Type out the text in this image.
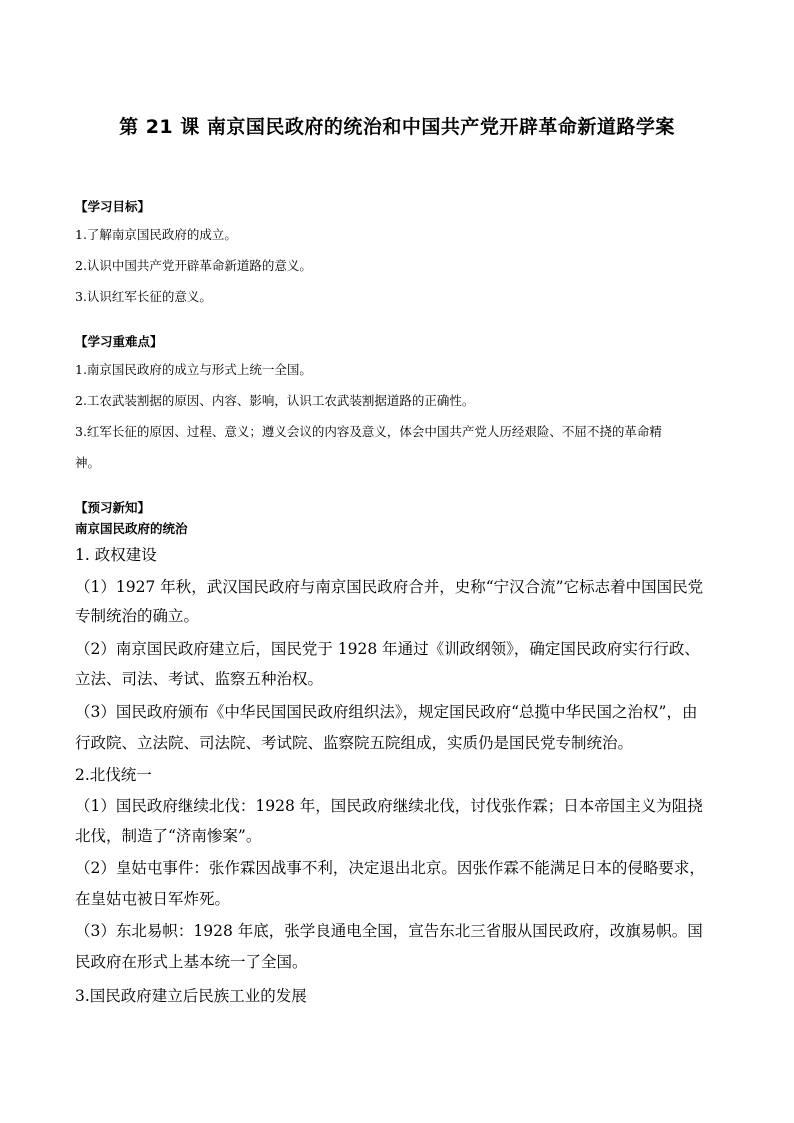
第 21 课 南京国民政府的统治和中国共产党开辟革命新道路学案
【学习目标】
1.了解南京国民政府的成立。
2.认识中国共产党开辟革命新道路的意义。
3.认识红军长征的意义。
【学习重难点】
1.南京国民政府的成立与形式上统一全国。
2.工农武装割据的原因、内容、影响，认识工农武装割据道路的正确性。
3.红军长征的原因、过程、意义；遵义会议的内容及意义，体会中国共产党人历经艰险、不屈不挠的革命精
神。
【预习新知】
南京国民政府的统治
1. 政权建设
（1）1927 年秋，武汉国民政府与南京国民政府合并，史称“宁汉合流”它标志着中国国民党
专制统治的确立。
（2）南京国民政府建立后，国民党于 1928 年通过《训政纲领》，确定国民政府实行行政、
立法、司法、考试、监察五种治权。
（3）国民政府颁布《中华民国国民政府组织法》，规定国民政府“总揽中华民国之治权”，由
行政院、立法院、司法院、考试院、监察院五院组成，实质仍是国民党专制统治。
2.北伐统一
（1）国民政府继续北伐：1928 年，国民政府继续北伐，讨伐张作霖；日本帝国主义为阻挠
北伐，制造了“济南惨案”。
（2）皇姑屯事件：张作霖因战事不利，决定退出北京。因张作霖不能满足日本的侵略要求，
在皇姑屯被日军炸死。
（3）东北易帜：1928 年底，张学良通电全国，宣告东北三省服从国民政府，改旗易帜。国
民政府在形式上基本统一了全国。
3.国民政府建立后民族工业的发展
